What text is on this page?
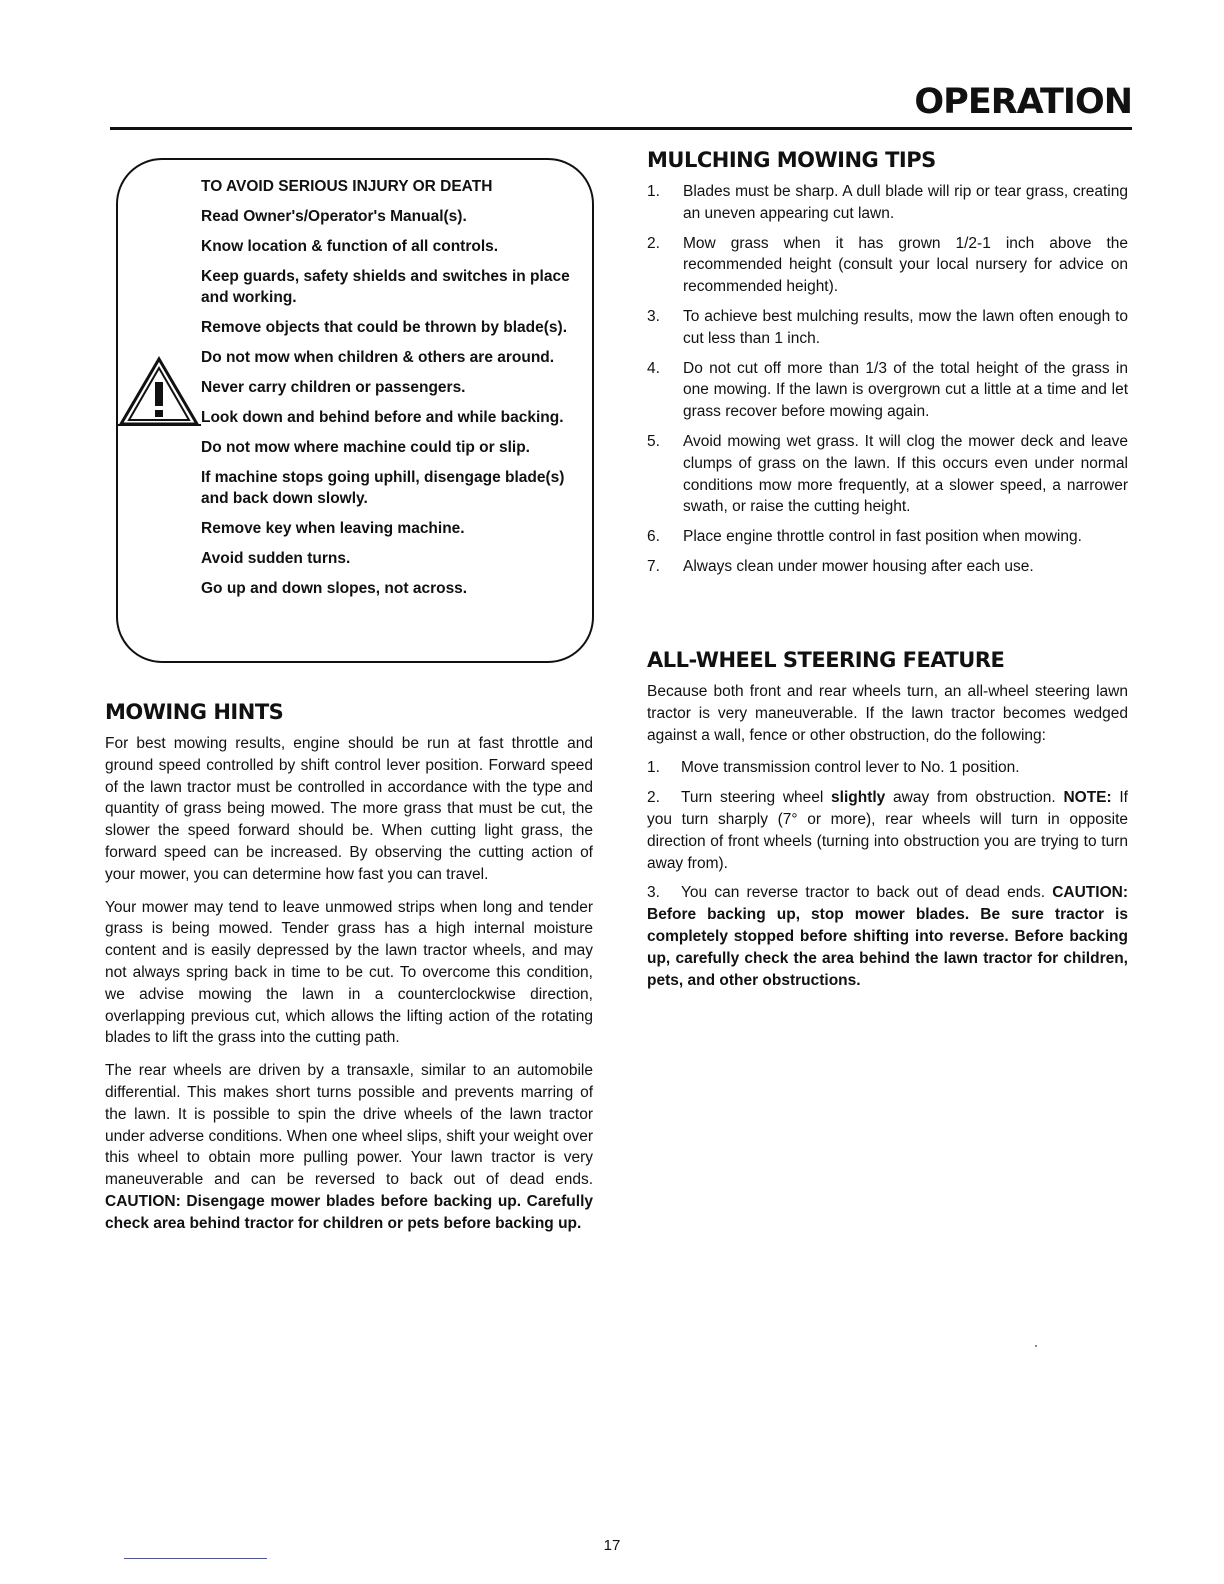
OPERATION
TO AVOID SERIOUS INJURY OR DEATH
Read Owner's/Operator's Manual(s).
Know location & function of all controls.
Keep guards, safety shields and switches in place and working.
Remove objects that could be thrown by blade(s).
Do not mow when children & others are around.
Never carry children or passengers.
Look down and behind before and while backing.
Do not mow where machine could tip or slip.
If machine stops going uphill, disengage blade(s) and back down slowly.
Remove key when leaving machine.
Avoid sudden turns.
Go up and down slopes, not across.
MOWING HINTS

For best mowing results, engine should be run at fast throttle and ground speed controlled by shift control lever position. Forward speed of the lawn tractor must be controlled in accordance with the type and quantity of grass being mowed. The more grass that must be cut, the slower the speed forward should be. When cutting light grass, the forward speed can be increased. By observing the cutting action of your mower, you can determine how fast you can travel.

Your mower may tend to leave unmowed strips when long and tender grass is being mowed. Tender grass has a high internal moisture content and is easily depressed by the lawn tractor wheels, and may not always spring back in time to be cut. To overcome this condition, we advise mowing the lawn in a counterclockwise direction, overlapping previous cut, which allows the lifting action of the rotating blades to lift the grass into the cutting path.

The rear wheels are driven by a transaxle, similar to an automobile differential. This makes short turns possible and prevents marring of the lawn. It is possible to spin the drive wheels of the lawn tractor under adverse conditions. When one wheel slips, shift your weight over this wheel to obtain more pulling power. Your lawn tractor is very maneuverable and can be reversed to back out of dead ends. CAUTION: Disengage mower blades before backing up. Carefully check area behind tractor for children or pets before backing up.

MULCHING MOWING TIPS
1. Blades must be sharp. A dull blade will rip or tear grass, creating an uneven appearing cut lawn.
2. Mow grass when it has grown 1/2-1 inch above the recommended height (consult your local nursery for advice on recommended height).
3. To achieve best mulching results, mow the lawn often enough to cut less than 1 inch.
4. Do not cut off more than 1/3 of the total height of the grass in one mowing. If the lawn is overgrown cut a little at a time and let grass recover before mowing again.
5. Avoid mowing wet grass. It will clog the mower deck and leave clumps of grass on the lawn. If this occurs even under normal conditions mow more frequently, at a slower speed, a narrower swath, or raise the cutting height.
6. Place engine throttle control in fast position when mowing.
7. Always clean under mower housing after each use.
ALL-WHEEL STEERING FEATURE

Because both front and rear wheels turn, an all-wheel steering lawn tractor is very maneuverable. If the lawn tractor becomes wedged against a wall, fence or other obstruction, do the following:

1. Move transmission control lever to No. 1 position.

2. Turn steering wheel slightly away from obstruction. NOTE: If you turn sharply (7° or more), rear wheels will turn in opposite direction of front wheels (turning into obstruction you are trying to turn away from).

3. You can reverse tractor to back out of dead ends. CAUTION: Before backing up, stop mower blades. Be sure tractor is completely stopped before shifting into reverse. Before backing up, carefully check the area behind the lawn tractor for children, pets, and other obstructions.

17
